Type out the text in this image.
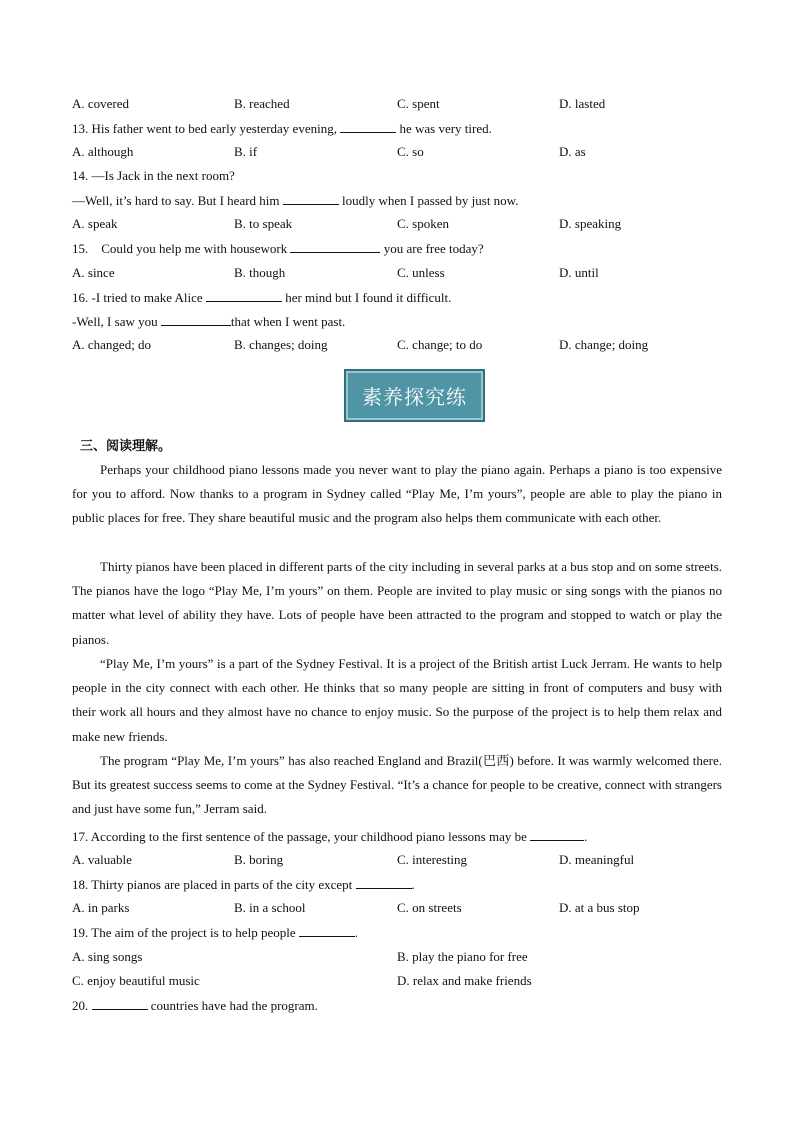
A. covered	B. reached	C. spent	D. lasted
13. His father went to bed early yesterday evening,	he was very tired.
A. although	B. if	C. so	D. as
14. —Is Jack in the next room?
—Well, it’s hard to say. But I heard him	loudly when I passed by just now.
A. speak	B. to speak	C. spoken	D. speaking
15.    Could you help me with housework	you are free today?
A. since	B. though	C. unless	D. until
16. -I tried to make Alice	her mind but I found it difficult.
-Well, I saw you	that when I went past.
A. changed; do	B. changes; doing	C. change; to do	D. change; doing
素养探究练
三、阅读理解。
Perhaps your childhood piano lessons made you never want to play the piano again. Perhaps a piano is too expensive for you to afford. Now thanks to a program in Sydney called “Play Me, I’m yours”, people are able to play the piano in public places for free. They share beautiful music and the program also helps them communicate with each other.
Thirty pianos have been placed in different parts of the city including in several parks at a bus stop and on some streets. The pianos have the logo “Play Me, I’m yours” on them. People are invited to play music or sing songs with the pianos no matter what level of ability they have. Lots of people have been attracted to the program and stopped to watch or play the pianos.
“Play Me, I’m yours” is a part of the Sydney Festival. It is a project of the British artist Luck Jerram. He wants to help people in the city connect with each other. He thinks that so many people are sitting in front of computers and busy with their work all hours and they almost have no chance to enjoy music. So the purpose of the project is to help them relax and make new friends.
The program “Play Me, I’m yours” has also reached England and Brazil(巴西) before. It was warmly welcomed there. But its greatest success seems to come at the Sydney Festival. “It’s a chance for people to be creative, connect with strangers and just have some fun,” Jerram said.
17. According to the first sentence of the passage, your childhood piano lessons may be	.
A. valuable	B. boring	C. interesting	D. meaningful
18. Thirty pianos are placed in parts of the city except	.
A. in parks	B. in a school	C. on streets	D. at a bus stop
19. The aim of the project is to help people	.
A. sing songs	B. play the piano for free
C. enjoy beautiful music	D. relax and make friends
20.	countries have had the program.
